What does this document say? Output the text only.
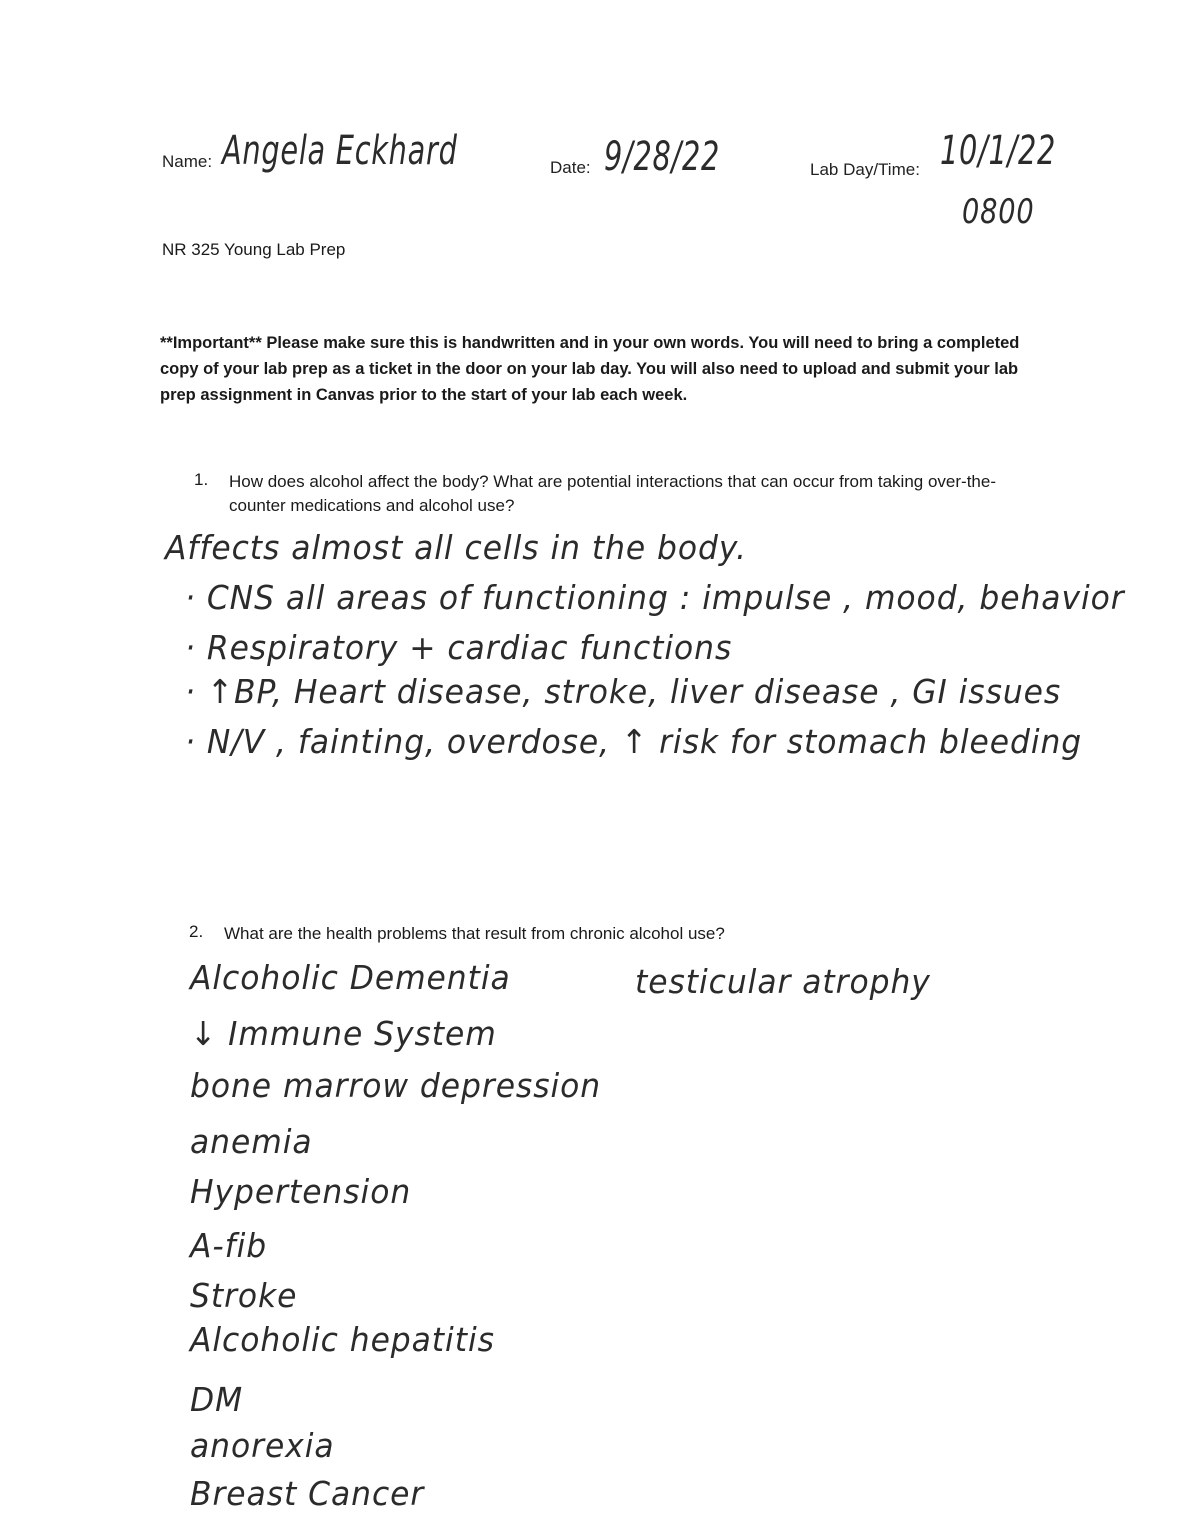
Name: Angela Eckhard	Date: 9/28/22	Lab Day/Time: 10/1/22
0800
NR 325 Young Lab Prep
**Important** Please make sure this is handwritten and in your own words. You will need to bring a completed copy of your lab prep as a ticket in the door on your lab day. You will also need to upload and submit your lab prep assignment in Canvas prior to the start of your lab each week.
1. How does alcohol affect the body? What are potential interactions that can occur from taking over-the-counter medications and alcohol use?
Affects almost all cells in the body.
· CNS all areas of functioning : impulse , mood, behavior
· Respiratory + cardiac functions
· ↑BP, Heart disease, stroke, liver disease , GI issues
· N/V , fainting, overdose, ↑ risk for stomach bleeding
2. What are the health problems that result from chronic alcohol use?
Alcoholic Dementia	testicular atrophy
↓ Immune System
bone marrow depression
anemia
Hypertension
A-fib
Stroke
Alcoholic hepatitis
DM
anorexia
Breast Cancer
